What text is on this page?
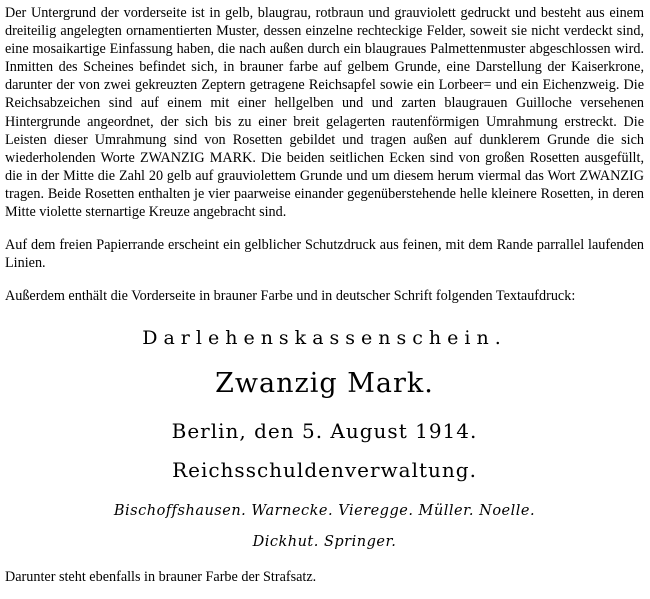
Der Untergrund der vorderseite ist in gelb, blaugrau, rotbraun und grauviolett gedruckt und besteht aus einem dreiteilig angelegten ornamentierten Muster, dessen einzelne rechteckige Felder, soweit sie nicht verdeckt sind, eine mosaikartige Einfassung haben, die nach außen durch ein blaugraues Palmettenmuster abgeschlossen wird. Inmitten des Scheines befindet sich, in brauner farbe auf gelbem Grunde, eine Darstellung der Kaiserkrone, darunter der von zwei gekreuzten Zeptern getragene Reichsapfel sowie ein Lorbeer= und ein Eichenzweig. Die Reichsabzeichen sind auf einem mit einer hellgelben und und zarten blaugrauen Guilloche versehenen Hintergrunde angeordnet, der sich bis zu einer breit gelagerten rautenförmigen Umrahmung erstreckt. Die Leisten dieser Umrahmung sind von Rosetten gebildet und tragen außen auf dunklerem Grunde die sich wiederholenden Worte ZWANZIG MARK. Die beiden seitlichen Ecken sind von großen Rosetten ausgefüllt, die in der Mitte die Zahl 20 gelb auf grauviolettem Grunde und um diesem herum viermal das Wort ZWANZIG tragen. Beide Rosetten enthalten je vier paarweise einander gegenüberstehende helle kleinere Rosetten, in deren Mitte violette sternartige Kreuze angebracht sind.

Auf dem freien Papierrande erscheint ein gelblicher Schutzdruck aus feinen, mit dem Rande parrallel laufenden Linien.

Außerdem enthält die Vorderseite in brauner Farbe und in deutscher Schrift folgenden Textaufdruck:

Darlehenskassenschein.
Zwanzig Mark.
Berlin, den 5. August 1914.
Reichsschuldenverwaltung.
Bischoffshausen. Warnecke. Vieregge. Müller. Noelle.
Dickhut. Springer.

Darunter steht ebenfalls in brauner Farbe der Strafsatz.
